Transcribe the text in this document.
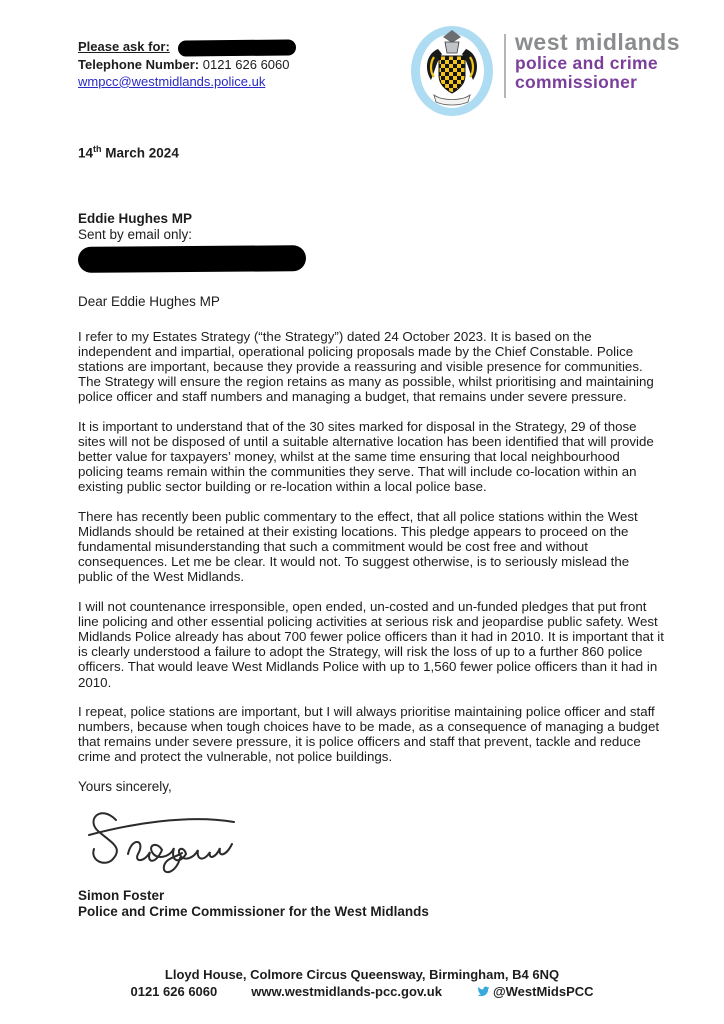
Please ask for:
Telephone Number: 0121 626 6060
wmpcc@westmidlands.police.uk
west midlands
police and crime
commissioner
14th March 2024
Eddie Hughes MP
Sent by email only:
Dear Eddie Hughes MP

I refer to my Estates Strategy (“the Strategy”) dated 24 October 2023. It is based on the independent and impartial, operational policing proposals made by the Chief Constable. Police stations are important, because they provide a reassuring and visible presence for communities. The Strategy will ensure the region retains as many as possible, whilst prioritising and maintaining police officer and staff numbers and managing a budget, that remains under severe pressure.

It is important to understand that of the 30 sites marked for disposal in the Strategy, 29 of those sites will not be disposed of until a suitable alternative location has been identified that will provide better value for taxpayers’ money, whilst at the same time ensuring that local neighbourhood policing teams remain within the communities they serve. That will include co-location within an existing public sector building or re-location within a local police base.

There has recently been public commentary to the effect, that all police stations within the West Midlands should be retained at their existing locations. This pledge appears to proceed on the fundamental misunderstanding that such a commitment would be cost free and without consequences. Let me be clear. It would not. To suggest otherwise, is to seriously mislead the public of the West Midlands.

I will not countenance irresponsible, open ended, un-costed and un-funded pledges that put front line policing and other essential policing activities at serious risk and jeopardise public safety. West Midlands Police already has about 700 fewer police officers than it had in 2010. It is important that it is clearly understood a failure to adopt the Strategy, will risk the loss of up to a further 860 police officers. That would leave West Midlands Police with up to 1,560 fewer police officers than it had in 2010.

I repeat, police stations are important, but I will always prioritise maintaining police officer and staff numbers, because when tough choices have to be made, as a consequence of managing a budget that remains under severe pressure, it is police officers and staff that prevent, tackle and reduce crime and protect the vulnerable, not police buildings.

Yours sincerely,
Simon Foster
Police and Crime Commissioner for the West Midlands
Lloyd House, Colmore Circus Queensway, Birmingham, B4 6NQ
0121 626 6060	www.westmidlands-pcc.gov.uk	@WestMidsPCC
